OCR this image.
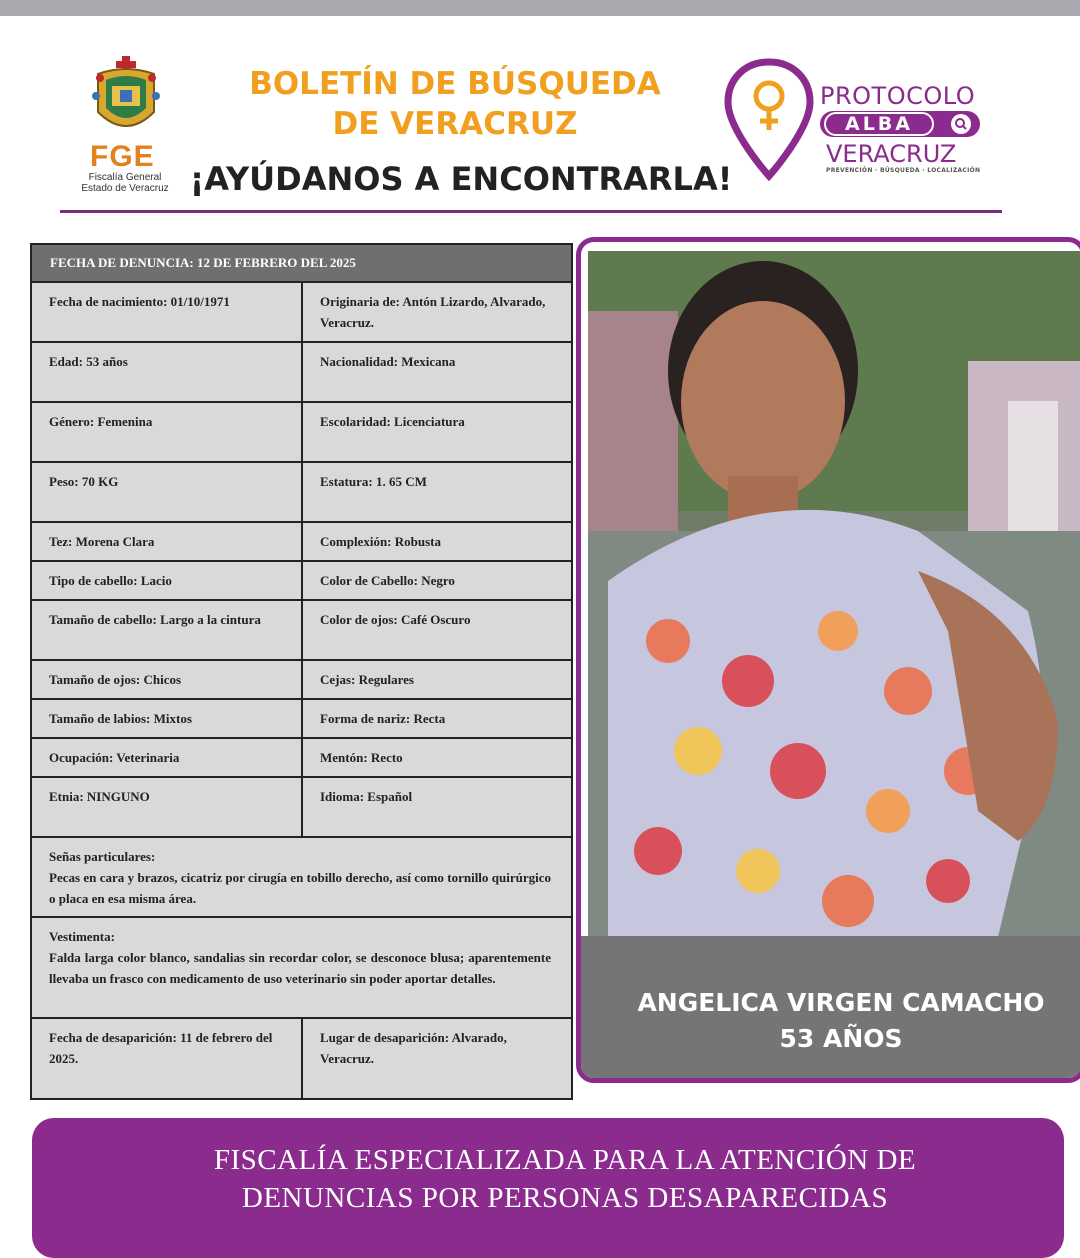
FGE
Fiscalía General
Estado de Veracruz
BOLETÍN DE BÚSQUEDA
DE VERACRUZ
¡AYÚDANOS A ENCONTRARLA!
PROTOCOLO
ALBA
VERACRUZ
PREVENCIÓN · BÚSQUEDA · LOCALIZACIÓN
FECHA DE DENUNCIA: 12 DE FEBRERO DEL 2025
Fecha de nacimiento: 01/10/1971	Originaria de: Antón Lizardo, Alvarado, Veracruz.
Edad: 53 años	Nacionalidad: Mexicana
Género: Femenina	Escolaridad: Licenciatura
Peso: 70 KG	Estatura: 1. 65 CM
Tez: Morena Clara	Complexión: Robusta
Tipo de cabello: Lacio	Color de Cabello: Negro
Tamaño de cabello: Largo a la cintura	Color de ojos: Café Oscuro
Tamaño de ojos: Chicos	Cejas: Regulares
Tamaño de labios: Mixtos	Forma de nariz: Recta
Ocupación: Veterinaria	Mentón: Recto
Etnia: NINGUNO	Idioma: Español
Señas particulares:
Pecas en cara y brazos, cicatriz por cirugía en tobillo derecho, así como tornillo quirúrgico o placa en esa misma área.
Vestimenta:
Falda larga color blanco, sandalias sin recordar color, se desconoce blusa; aparentemente llevaba un frasco con medicamento de uso veterinario sin poder aportar detalles.
Fecha de desaparición: 11 de febrero del 2025.
Lugar de desaparición: Alvarado, Veracruz.
ANGELICA VIRGEN CAMACHO
53 AÑOS
FISCALÍA ESPECIALIZADA PARA LA ATENCIÓN DE
DENUNCIAS POR PERSONAS DESAPARECIDAS
